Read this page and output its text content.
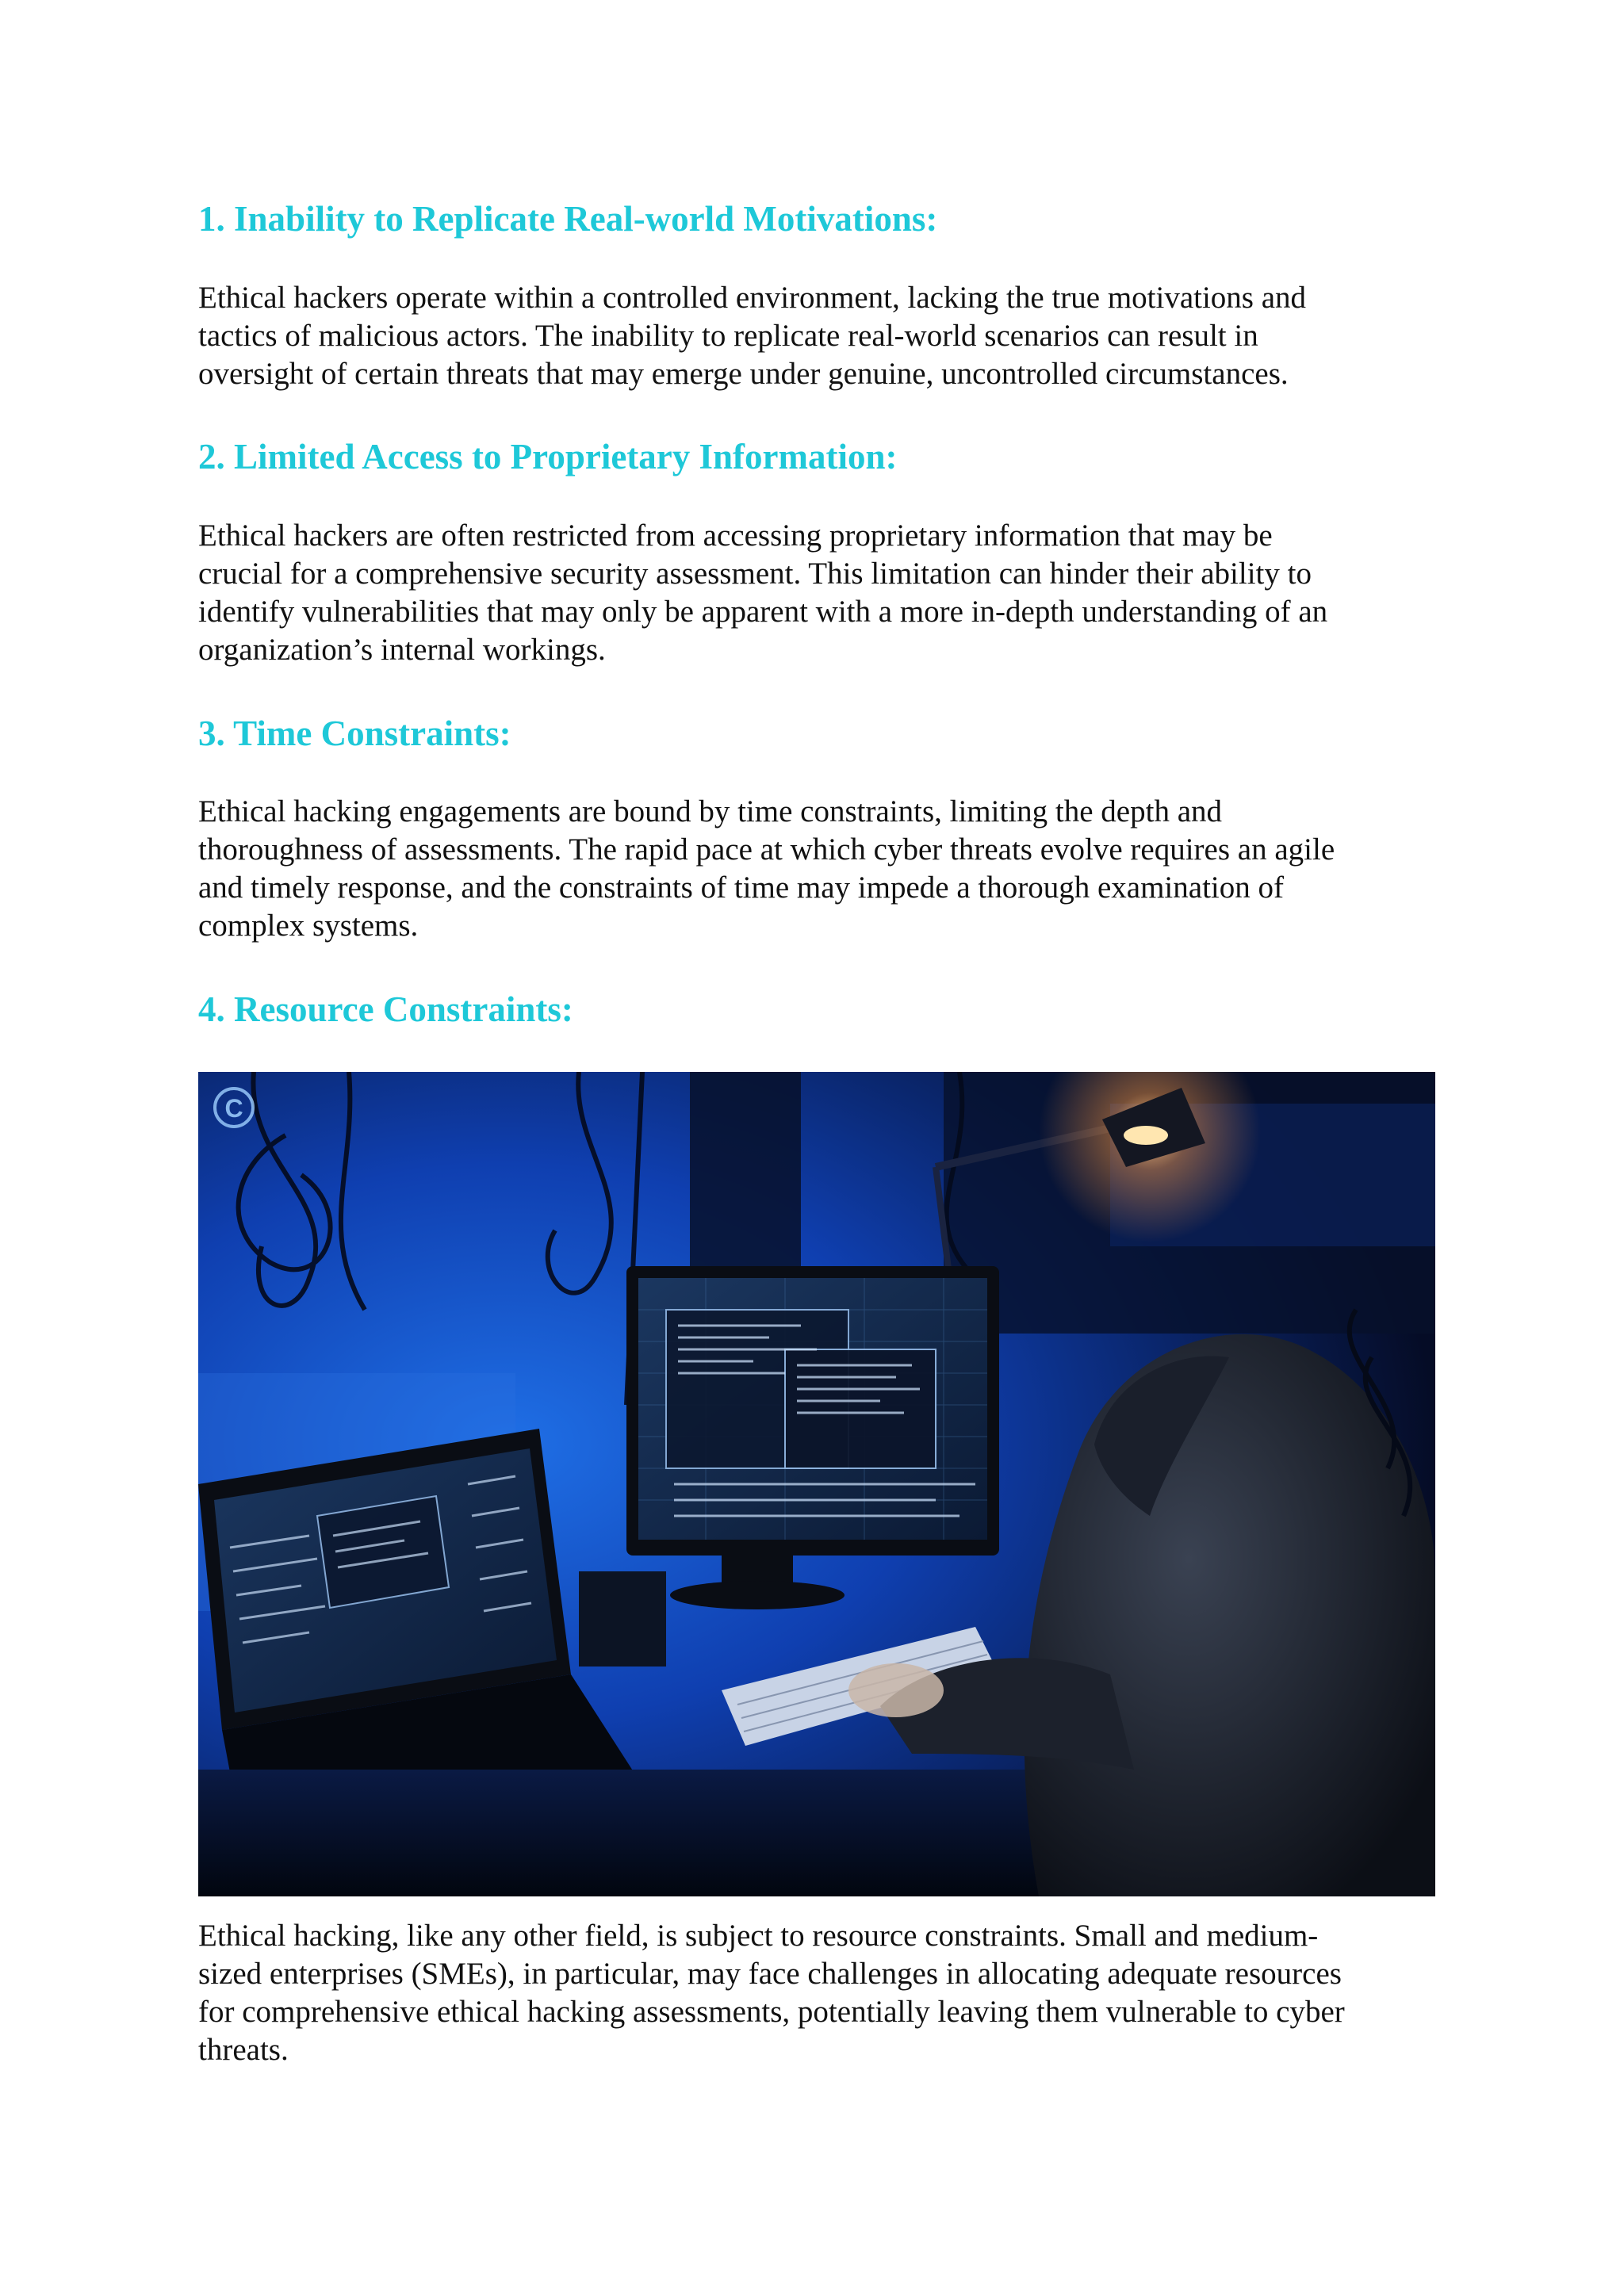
1. Inability to Replicate Real-world Motivations:

Ethical hackers operate within a controlled environment, lacking the true motivations and
tactics of malicious actors. The inability to replicate real-world scenarios can result in
oversight of certain threats that may emerge under genuine, uncontrolled circumstances.

2. Limited Access to Proprietary Information:

Ethical hackers are often restricted from accessing proprietary information that may be
crucial for a comprehensive security assessment. This limitation can hinder their ability to
identify vulnerabilities that may only be apparent with a more in-depth understanding of an
organization’s internal workings.

3. Time Constraints:

Ethical hacking engagements are bound by time constraints, limiting the depth and
thoroughness of assessments. The rapid pace at which cyber threats evolve requires an agile
and timely response, and the constraints of time may impede a thorough examination of
complex systems.

4. Resource Constraints:
C

Ethical hacking, like any other field, is subject to resource constraints. Small and medium-
sized enterprises (SMEs), in particular, may face challenges in allocating adequate resources
for comprehensive ethical hacking assessments, potentially leaving them vulnerable to cyber
threats.
